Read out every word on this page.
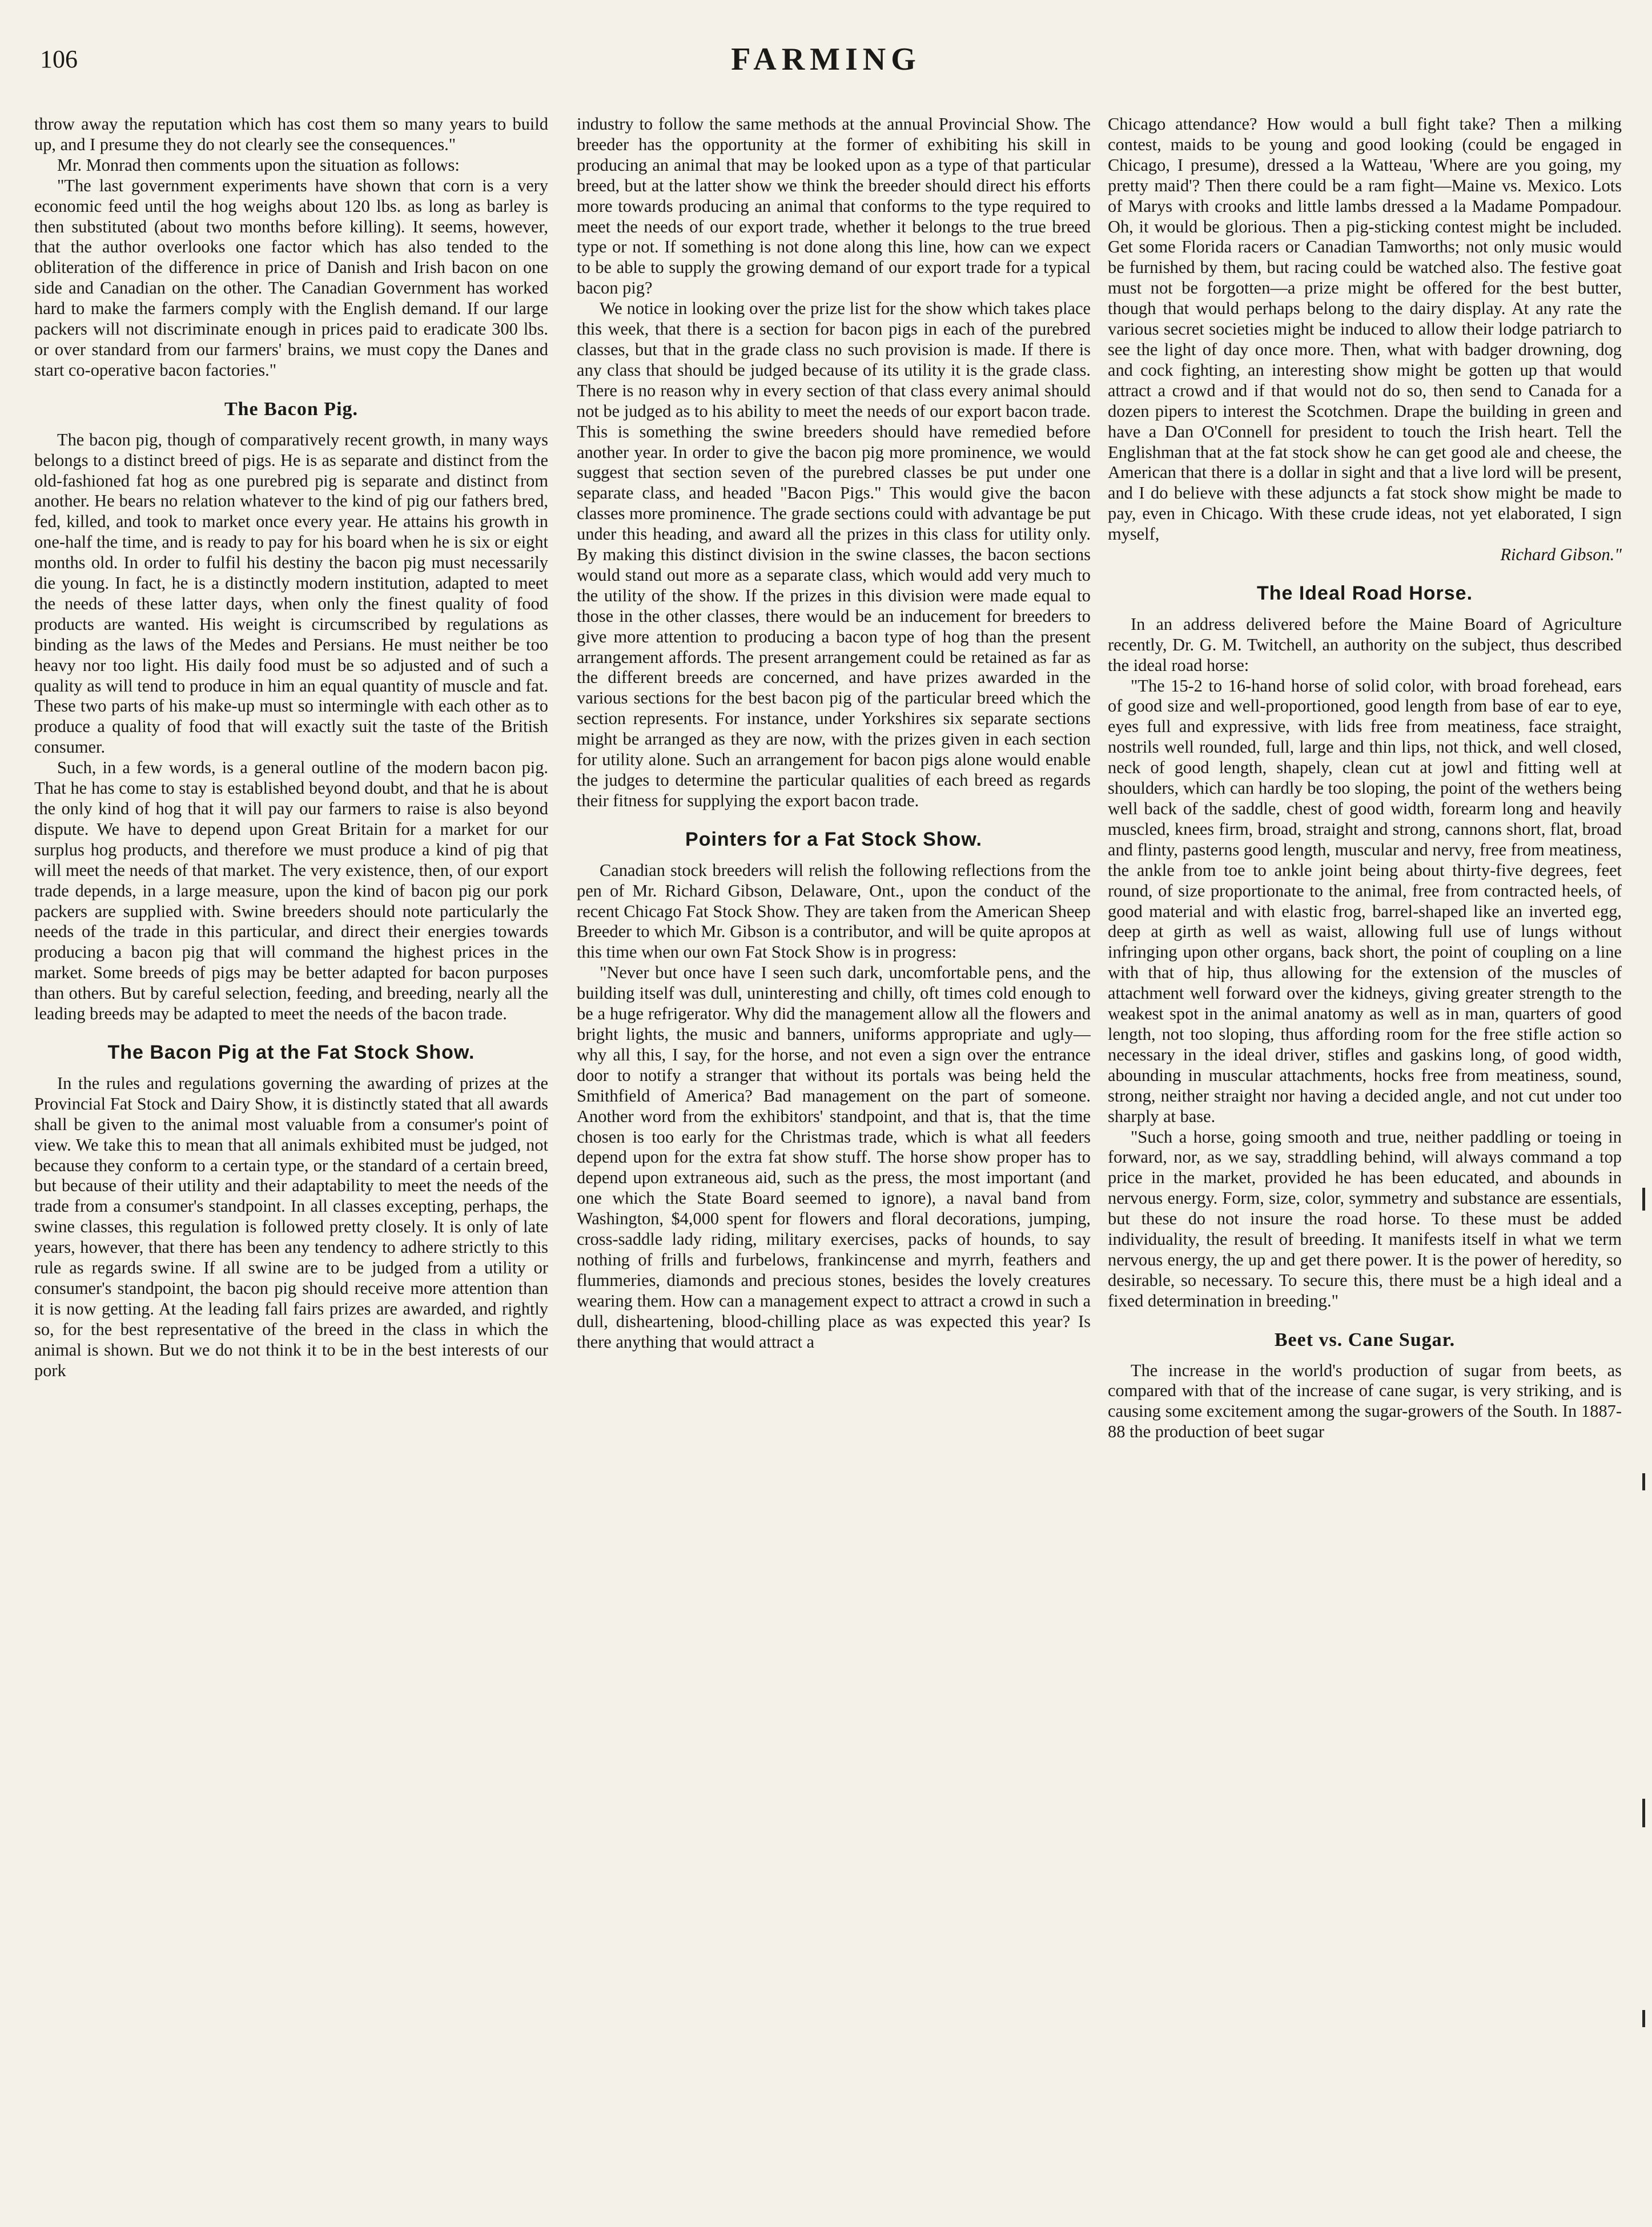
106	FARMING

throw away the reputation which has cost them so many years to build up, and I presume they do not clearly see the consequences."

Mr. Monrad then comments upon the situation as follows:

"The last government experiments have shown that corn is a very economic feed until the hog weighs about 120 lbs. as long as barley is then substituted (about two months before killing). It seems, however, that the author overlooks one factor which has also tended to the obliteration of the difference in price of Danish and Irish bacon on one side and Canadian on the other. The Canadian Government has worked hard to make the farmers comply with the English demand. If our large packers will not discriminate enough in prices paid to eradicate 300 lbs. or over standard from our farmers' brains, we must copy the Danes and start co-operative bacon factories."

The Bacon Pig.

The bacon pig, though of comparatively recent growth, in many ways belongs to a distinct breed of pigs. He is as separate and distinct from the old-fashioned fat hog as one purebred pig is separate and distinct from another. He bears no relation whatever to the kind of pig our fathers bred, fed, killed, and took to market once every year. He attains his growth in one-half the time, and is ready to pay for his board when he is six or eight months old. In order to fulfil his destiny the bacon pig must necessarily die young. In fact, he is a distinctly modern institution, adapted to meet the needs of these latter days, when only the finest quality of food products are wanted. His weight is circumscribed by regulations as binding as the laws of the Medes and Persians. He must neither be too heavy nor too light. His daily food must be so adjusted and of such a quality as will tend to produce in him an equal quantity of muscle and fat. These two parts of his make-up must so intermingle with each other as to produce a quality of food that will exactly suit the taste of the British consumer.

Such, in a few words, is a general outline of the modern bacon pig. That he has come to stay is established beyond doubt, and that he is about the only kind of hog that it will pay our farmers to raise is also beyond dispute. We have to depend upon Great Britain for a market for our surplus hog products, and therefore we must produce a kind of pig that will meet the needs of that market. The very existence, then, of our export trade depends, in a large measure, upon the kind of bacon pig our pork packers are supplied with. Swine breeders should note particularly the needs of the trade in this particular, and direct their energies towards producing a bacon pig that will command the highest prices in the market. Some breeds of pigs may be better adapted for bacon purposes than others. But by careful selection, feeding, and breeding, nearly all the leading breeds may be adapted to meet the needs of the bacon trade.

The Bacon Pig at the Fat Stock Show.

In the rules and regulations governing the awarding of prizes at the Provincial Fat Stock and Dairy Show, it is distinctly stated that all awards shall be given to the animal most valuable from a consumer's point of view. We take this to mean that all animals exhibited must be judged, not because they conform to a certain type, or the standard of a certain breed, but because of their utility and their adaptability to meet the needs of the trade from a consumer's standpoint. In all classes excepting, perhaps, the swine classes, this regulation is followed pretty closely. It is only of late years, however, that there has been any tendency to adhere strictly to this rule as regards swine. If all swine are to be judged from a utility or consumer's standpoint, the bacon pig should receive more attention than it is now getting. At the leading fall fairs prizes are awarded, and rightly so, for the best representative of the breed in the class in which the animal is shown. But we do not think it to be in the best interests of our pork

industry to follow the same methods at the annual Provincial Show. The breeder has the opportunity at the former of exhibiting his skill in producing an animal that may be looked upon as a type of that particular breed, but at the latter show we think the breeder should direct his efforts more towards producing an animal that conforms to the type required to meet the needs of our export trade, whether it belongs to the true breed type or not. If something is not done along this line, how can we expect to be able to supply the growing demand of our export trade for a typical bacon pig?

We notice in looking over the prize list for the show which takes place this week, that there is a section for bacon pigs in each of the purebred classes, but that in the grade class no such provision is made. If there is any class that should be judged because of its utility it is the grade class. There is no reason why in every section of that class every animal should not be judged as to his ability to meet the needs of our export bacon trade. This is something the swine breeders should have remedied before another year. In order to give the bacon pig more prominence, we would suggest that section seven of the purebred classes be put under one separate class, and headed "Bacon Pigs." This would give the bacon classes more prominence. The grade sections could with advantage be put under this heading, and award all the prizes in this class for utility only. By making this distinct division in the swine classes, the bacon sections would stand out more as a separate class, which would add very much to the utility of the show. If the prizes in this division were made equal to those in the other classes, there would be an inducement for breeders to give more attention to producing a bacon type of hog than the present arrangement affords. The present arrangement could be retained as far as the different breeds are concerned, and have prizes awarded in the various sections for the best bacon pig of the particular breed which the section represents. For instance, under Yorkshires six separate sections might be arranged as they are now, with the prizes given in each section for utility alone. Such an arrangement for bacon pigs alone would enable the judges to determine the particular qualities of each breed as regards their fitness for supplying the export bacon trade.

Pointers for a Fat Stock Show.

Canadian stock breeders will relish the following reflections from the pen of Mr. Richard Gibson, Delaware, Ont., upon the conduct of the recent Chicago Fat Stock Show. They are taken from the American Sheep Breeder to which Mr. Gibson is a contributor, and will be quite apropos at this time when our own Fat Stock Show is in progress:

"Never but once have I seen such dark, uncomfortable pens, and the building itself was dull, uninteresting and chilly, oft times cold enough to be a huge refrigerator. Why did the management allow all the flowers and bright lights, the music and banners, uniforms appropriate and ugly—why all this, I say, for the horse, and not even a sign over the entrance door to notify a stranger that without its portals was being held the Smithfield of America? Bad management on the part of someone. Another word from the exhibitors' standpoint, and that is, that the time chosen is too early for the Christmas trade, which is what all feeders depend upon for the extra fat show stuff. The horse show proper has to depend upon extraneous aid, such as the press, the most important (and one which the State Board seemed to ignore), a naval band from Washington, $4,000 spent for flowers and floral decorations, jumping, cross-saddle lady riding, military exercises, packs of hounds, to say nothing of frills and furbelows, frankincense and myrrh, feathers and flummeries, diamonds and precious stones, besides the lovely creatures wearing them. How can a management expect to attract a crowd in such a dull, disheartening, blood-chilling place as was expected this year? Is there anything that would attract a

Chicago attendance? How would a bull fight take? Then a milking contest, maids to be young and good looking (could be engaged in Chicago, I presume), dressed a la Watteau, 'Where are you going, my pretty maid'? Then there could be a ram fight—Maine vs. Mexico. Lots of Marys with crooks and little lambs dressed a la Madame Pompadour. Oh, it would be glorious. Then a pig-sticking contest might be included. Get some Florida racers or Canadian Tamworths; not only music would be furnished by them, but racing could be watched also. The festive goat must not be forgotten—a prize might be offered for the best butter, though that would perhaps belong to the dairy display. At any rate the various secret societies might be induced to allow their lodge patriarch to see the light of day once more. Then, what with badger drowning, dog and cock fighting, an interesting show might be gotten up that would attract a crowd and if that would not do so, then send to Canada for a dozen pipers to interest the Scotchmen. Drape the building in green and have a Dan O'Connell for president to touch the Irish heart. Tell the Englishman that at the fat stock show he can get good ale and cheese, the American that there is a dollar in sight and that a live lord will be present, and I do believe with these adjuncts a fat stock show might be made to pay, even in Chicago. With these crude ideas, not yet elaborated, I sign myself,

Richard Gibson."

The Ideal Road Horse.

In an address delivered before the Maine Board of Agriculture recently, Dr. G. M. Twitchell, an authority on the subject, thus described the ideal road horse:

"The 15-2 to 16-hand horse of solid color, with broad forehead, ears of good size and well-proportioned, good length from base of ear to eye, eyes full and expressive, with lids free from meatiness, face straight, nostrils well rounded, full, large and thin lips, not thick, and well closed, neck of good length, shapely, clean cut at jowl and fitting well at shoulders, which can hardly be too sloping, the point of the wethers being well back of the saddle, chest of good width, forearm long and heavily muscled, knees firm, broad, straight and strong, cannons short, flat, broad and flinty, pasterns good length, muscular and nervy, free from meatiness, the ankle from toe to ankle joint being about thirty-five degrees, feet round, of size proportionate to the animal, free from contracted heels, of good material and with elastic frog, barrel-shaped like an inverted egg, deep at girth as well as waist, allowing full use of lungs without infringing upon other organs, back short, the point of coupling on a line with that of hip, thus allowing for the extension of the muscles of attachment well forward over the kidneys, giving greater strength to the weakest spot in the animal anatomy as well as in man, quarters of good length, not too sloping, thus affording room for the free stifle action so necessary in the ideal driver, stifles and gaskins long, of good width, abounding in muscular attachments, hocks free from meatiness, sound, strong, neither straight nor having a decided angle, and not cut under too sharply at base.

"Such a horse, going smooth and true, neither paddling or toeing in forward, nor, as we say, straddling behind, will always command a top price in the market, provided he has been educated, and abounds in nervous energy. Form, size, color, symmetry and substance are essentials, but these do not insure the road horse. To these must be added individuality, the result of breeding. It manifests itself in what we term nervous energy, the up and get there power. It is the power of heredity, so desirable, so necessary. To secure this, there must be a high ideal and a fixed determination in breeding."

Beet vs. Cane Sugar.

The increase in the world's production of sugar from beets, as compared with that of the increase of cane sugar, is very striking, and is causing some excitement among the sugar-growers of the South. In 1887-88 the production of beet sugar
